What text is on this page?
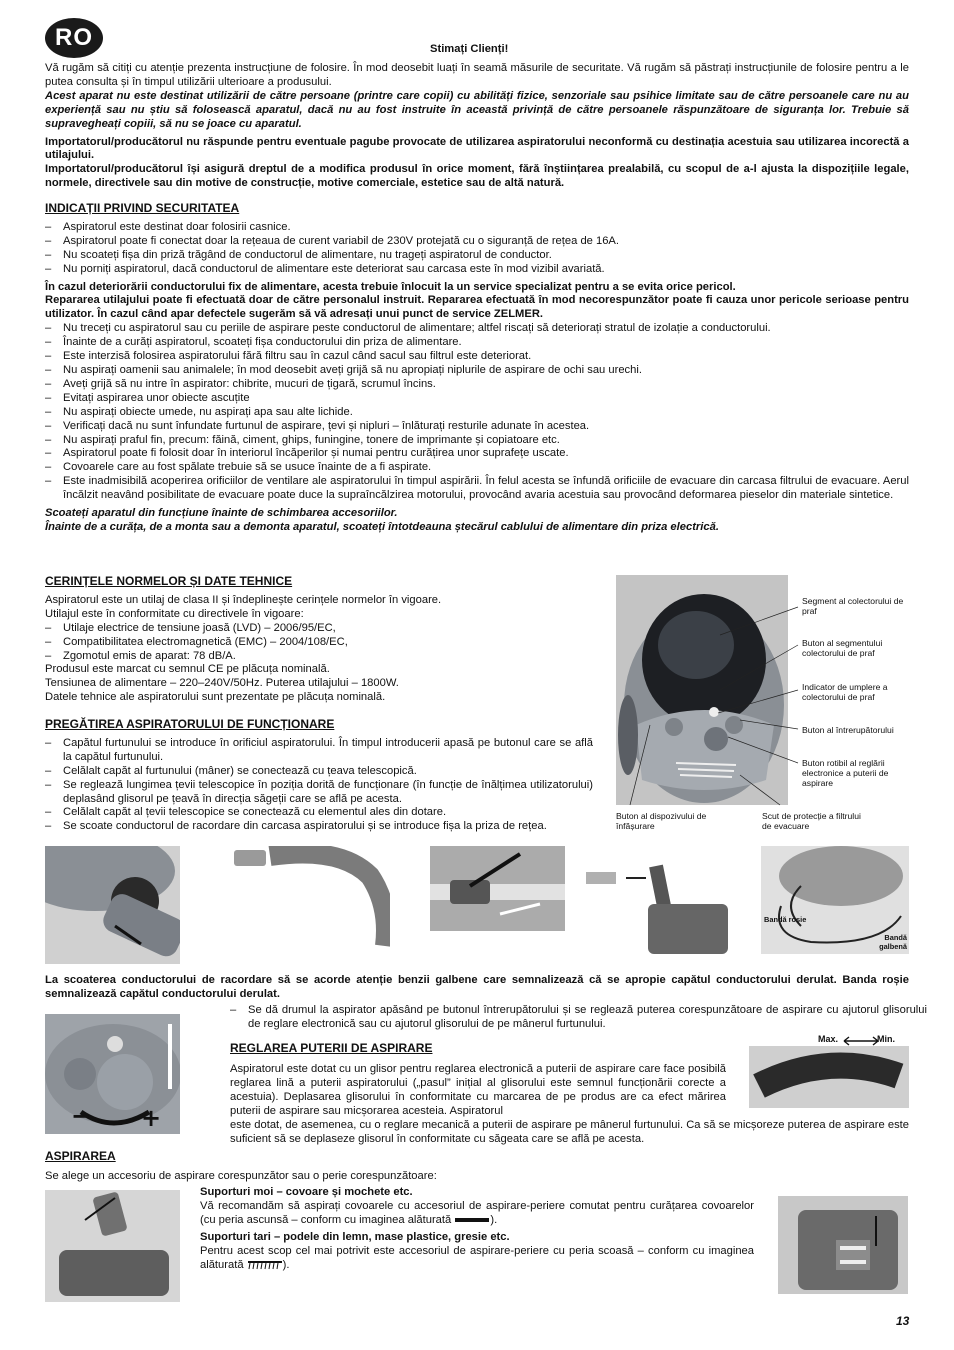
RO	Stimați Clienți!

Vă rugăm să citiți cu atenție prezenta instrucțiune de folosire. În mod deosebit luați în seamă măsurile de securitate. Vă rugăm să păstrați instrucțiunile de folosire pentru a le putea consulta și în timpul utilizării ulterioare a produsului.

Acest aparat nu este destinat utilizării de către persoane (printre care copii) cu abilități fizice, senzoriale sau psihice limitate sau de către persoanele care nu au experiență sau nu știu să folosească aparatul, dacă nu au fost instruite în această privință de către persoanele răspunzătoare de siguranța lor. Trebuie să supravegheați copiii, să nu se joace cu aparatul.

Importatorul/producătorul nu răspunde pentru eventuale pagube provocate de utilizarea aspiratorului neconformă cu destinația acestuia sau utilizarea incorectă a utilajului.

Importatorul/producătorul își asigură dreptul de a modifica produsul în orice moment, fără înștiințarea prealabilă, cu scopul de a-l ajusta la dispozițiile legale, normele, directivele sau din motive de construcție, motive comerciale, estetice sau de altă natură.

INDICAȚII PRIVIND SECURITATEA

– Aspiratorul este destinat doar folosirii casnice.

– Aspiratorul poate fi conectat doar la rețeaua de curent variabil de 230V protejată cu o siguranță de rețea de 16A.

– Nu scoateți fișa din priză trăgând de conductorul de alimentare, nu trageți aspiratorul de conductor.

– Nu porniți aspiratorul, dacă conductorul de alimentare este deteriorat sau carcasa este în mod vizibil avariată.

În cazul deteriorării conductorului fix de alimentare, acesta trebuie înlocuit la un service specializat pentru a se evita orice pericol.

Repararea utilajului poate fi efectuată doar de către personalul instruit. Repararea efectuată în mod necorespunzător poate fi cauza unor pericole serioase pentru utilizator. În cazul când apar defectele sugerăm să vă adresați unui punct de service ZELMER.

– Nu treceți cu aspiratorul sau cu periile de aspirare peste conductorul de alimentare; altfel riscați să deteriorați stratul de izolație a conductorului.

– Înainte de a curăți aspiratorul, scoateți fișa conductorului din priza de alimentare.

– Este interzisă folosirea aspiratorului fără filtru sau în cazul când sacul sau filtrul este deteriorat.

– Nu aspirați oamenii sau animalele; în mod deosebit aveți grijă să nu apropiați niplurile de aspirare de ochi sau urechi.

– Aveți grijă să nu intre în aspirator: chibrite, mucuri de țigară, scrumul încins.

– Evitați aspirarea unor obiecte ascuțite

– Nu aspirați obiecte umede, nu aspirați apa sau alte lichide.

– Verificați dacă nu sunt înfundate furtunul de aspirare, țevi și nipluri – înlăturați resturile adunate în acestea.

– Nu aspirați praful fin, precum: făină, ciment, ghips, funingine, tonere de imprimante și copiatoare etc.

– Aspiratorul poate fi folosit doar în interiorul încăperilor și numai pentru curățirea unor suprafețe uscate.

– Covoarele care au fost spălate trebuie să se usuce înainte de a fi aspirate.

– Este inadmisibilă acoperirea orificiilor de ventilare ale aspiratorului în timpul aspirării. În felul acesta se înfundă orificiile de evacuare din carcasa filtrului de evacuare. Aerul încălzit neavând posibilitate de evacuare poate duce la supraîncălzirea motorului, provocând avaria acestuia sau provocând deformarea pieselor din materiale sintetice.

Scoateți aparatul din funcțiune înainte de schimbarea accesoriilor.

Înainte de a curăța, de a monta sau a demonta aparatul, scoateți întotdeauna ștecărul cablului de alimentare din priza electrică.

CERINȚELE NORMELOR ȘI DATE TEHNICE

Aspiratorul este un utilaj de clasa II și îndeplinește cerințele normelor în vigoare.

Utilajul este în conformitate cu directivele în vigoare:

– Utilaje electrice de tensiune joasă (LVD) – 2006/95/EC,

– Compatibilitatea electromagnetică (EMC) – 2004/108/EC,

– Zgomotul emis de aparat: 78 dB/A.

Produsul este marcat cu semnul CE pe plăcuța nominală.

Tensiunea de alimentare – 220–240V/50Hz. Puterea utilajului – 1800W.

Datele tehnice ale aspiratorului sunt prezentate pe plăcuța nominală.

PREGĂTIREA ASPIRATORULUI DE FUNCȚIONARE

– Capătul furtunului se introduce în orificiul aspiratorului. În timpul introducerii apasă pe butonul care se află la capătul furtunului.

– Celălalt capăt al furtunului (mâner) se conectează cu țeava telescopică.

– Se reglează lungimea țevii telescopice în poziția dorită de funcționare (în funcție de înălțimea utilizatorului) deplasând glisorul pe țeavă în direcția săgeții care se află pe acesta.

– Celălalt capăt al țevii telescopice se conectează cu elementul ales din dotare.

– Se scoate conductorul de racordare din carcasa aspiratorului și se introduce fișa la priza de rețea.

Segment al colectorului de praf
Buton al segmentului colectorului de praf
Indicator de umplere a colectorului de praf
Buton al întrerupătorului
Buton rotibil al reglării electronice a puterii de aspirare
Buton al dispozivului de înfășurare
Scut de protecție a filtrului de evacuare
Bandă roșie
Bandă galbenă

La scoaterea conductorului de racordare să se acorde atenție benzii galbene care semnalizează că se apropie capătul conductorului derulat. Banda roșie semnalizează capătul conductorului derulat.

− +

– Se dă drumul la aspirator apăsând pe butonul întrerupătorului și se reglează puterea corespunzătoare de aspirare cu ajutorul glisorului de reglare electronică sau cu ajutorul glisorului de pe mânerul furtunului.

REGLAREA PUTERII DE ASPIRARE

Aspiratorul este dotat cu un glisor pentru reglarea electronică a puterii de aspirare care face posibilă reglarea lină a puterii aspiratorului („pasul” inițial al glisorului este semnul funcționării corecte a acestuia). Deplasarea glisorului în conformitate cu marcarea de pe produs are ca efect mărirea puterii de aspirare sau micșorarea acesteia. Aspiratorul

este dotat, de asemenea, cu o reglare mecanică a puterii de aspirare pe mânerul furtunului. Ca să se micșoreze puterea de aspirare este suficient să se deplaseze glisorul în conformitate cu săgeata care se află pe acesta.

Max.	Min.
ASPIRAREA

Se alege un accesoriu de aspirare corespunzător sau o perie corespunzătoare:

Suporturi moi – covoare și mochete etc.

Vă recomandăm să aspirați covoarele cu accesoriul de aspirare-periere comutat pentru curățarea covoarelor (cu peria ascunsă – conform cu imaginea alăturată	).

Suporturi tari – podele din lemn, mase plastice, gresie etc.

Pentru acest scop cel mai potrivit este accesoriul de aspirare-periere cu peria scoasă – conform cu imaginea alăturată	).

13
